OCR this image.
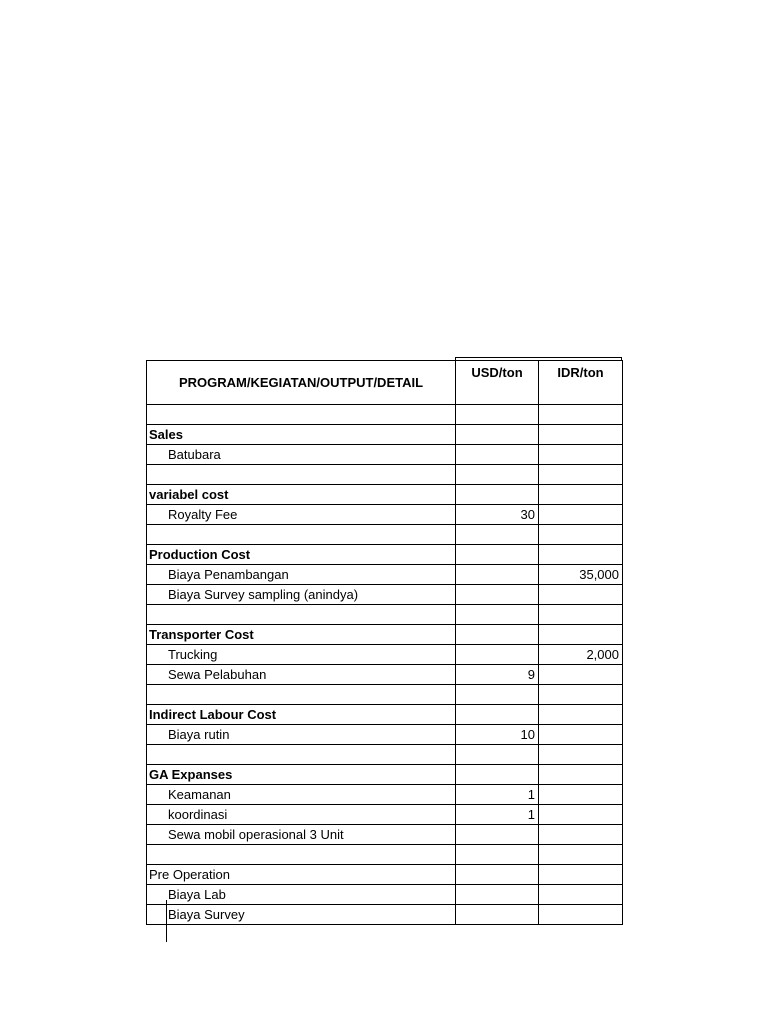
PROGRAM/KEGIATAN/OUTPUT/DETAIL	USD/ton	IDR/ton

Sales		
Batubara		

variabel cost		
Royalty Fee	30	

Production Cost		
Biaya Penambangan		35,000
Biaya Survey sampling (anindya)		

Transporter Cost		
Trucking		2,000
Sewa Pelabuhan	9	

Indirect Labour Cost		
Biaya rutin	10	

GA Expanses		
Keamanan	1	
koordinasi	1	
Sewa mobil operasional 3 Unit		

Pre Operation		
Biaya Lab		
Biaya Survey		
